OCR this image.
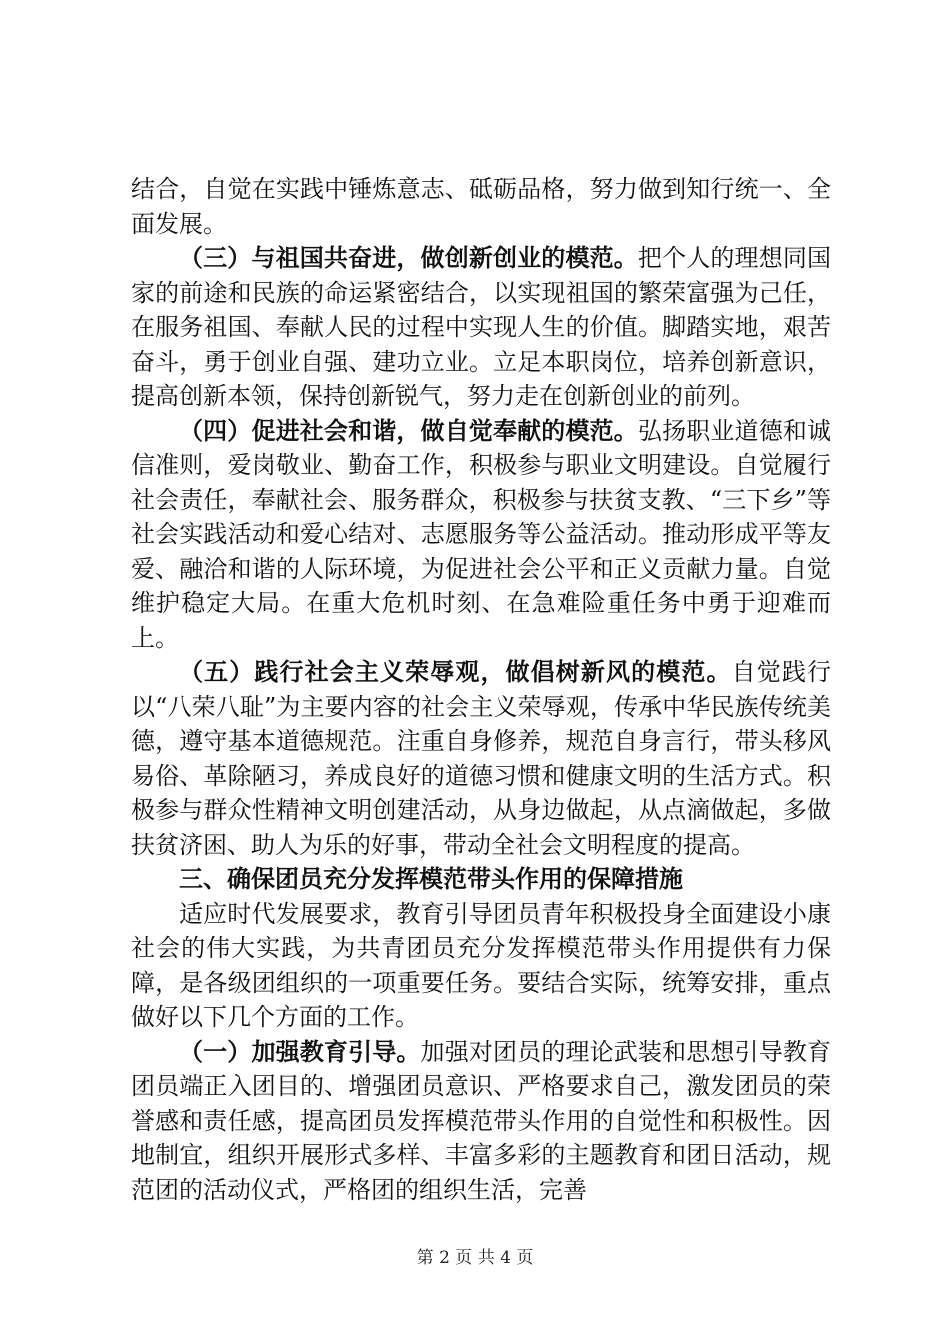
结合，自觉在实践中锤炼意志、砥砺品格，努力做到知行统一、全面发展。

（三）与祖国共奋进，做创新创业的模范。把个人的理想同国家的前途和民族的命运紧密结合，以实现祖国的繁荣富强为己任，在服务祖国、奉献人民的过程中实现人生的价值。脚踏实地，艰苦奋斗，勇于创业自强、建功立业。立足本职岗位，培养创新意识，提高创新本领，保持创新锐气，努力走在创新创业的前列。

（四）促进社会和谐，做自觉奉献的模范。弘扬职业道德和诚信准则，爱岗敬业、勤奋工作，积极参与职业文明建设。自觉履行社会责任，奉献社会、服务群众，积极参与扶贫支教、“三下乡”等社会实践活动和爱心结对、志愿服务等公益活动。推动形成平等友爱、融洽和谐的人际环境，为促进社会公平和正义贡献力量。自觉维护稳定大局。在重大危机时刻、在急难险重任务中勇于迎难而上。

（五）践行社会主义荣辱观，做倡树新风的模范。自觉践行以“八荣八耻”为主要内容的社会主义荣辱观，传承中华民族传统美德，遵守基本道德规范。注重自身修养，规范自身言行，带头移风易俗、革除陋习，养成良好的道德习惯和健康文明的生活方式。积极参与群众性精神文明创建活动，从身边做起，从点滴做起，多做扶贫济困、助人为乐的好事，带动全社会文明程度的提高。

三、确保团员充分发挥模范带头作用的保障措施

适应时代发展要求，教育引导团员青年积极投身全面建设小康社会的伟大实践，为共青团员充分发挥模范带头作用提供有力保障，是各级团组织的一项重要任务。要结合实际，统筹安排，重点做好以下几个方面的工作。

（一）加强教育引导。加强对团员的理论武装和思想引导教育团员端正入团目的、增强团员意识、严格要求自己，激发团员的荣誉感和责任感，提高团员发挥模范带头作用的自觉性和积极性。因地制宜，组织开展形式多样、丰富多彩的主题教育和团日活动，规范团的活动仪式，严格团的组织生活，完善

第 2 页 共 4 页
